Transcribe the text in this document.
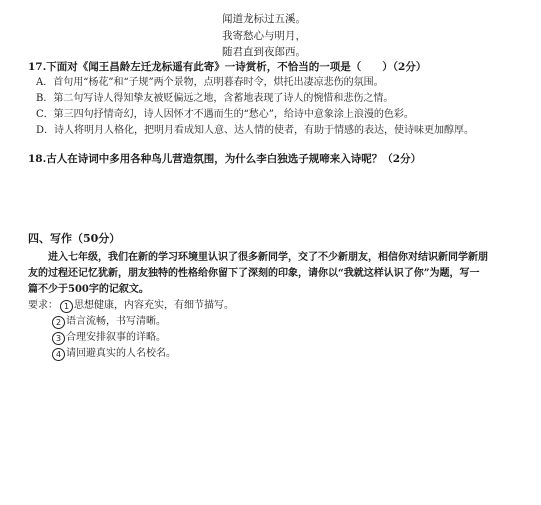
闻道龙标过五溪。
我寄愁心与明月，
随君直到夜郎西。
17.下面对《闻王昌龄左迁龙标遥有此寄》一诗赏析，不恰当的一项是（　　）（2分）
A．首句用“杨花”和“子规”两个景物，点明暮春时令，烘托出凄凉悲伤的氛围。
B．第二句写诗人得知挚友被贬偏远之地，含蓄地表现了诗人的惋惜和悲伤之情。
C．第三四句抒情奇幻，诗人因怀才不遇而生的“愁心”，给诗中意象涂上浪漫的色彩。
D．诗人将明月人格化，把明月看成知人意、达人情的使者，有助于情感的表达，使诗味更加醇厚。
18.古人在诗词中多用各种鸟儿营造氛围，为什么李白独选子规啼来入诗呢？（2分）
四、写作（50分）
进入七年级，我们在新的学习环境里认识了很多新同学，交了不少新朋友，相信你对结识新同学新朋
友的过程还记忆犹新，朋友独特的性格给你留下了深刻的印象，请你以“我就这样认识了你”为题，写一
篇不少于500字的记叙文。
要求： 1 思想健康，内容充实，有细节描写。
2 语言流畅，书写清晰。
3 合理安排叙事的详略。
4 请回避真实的人名校名。
